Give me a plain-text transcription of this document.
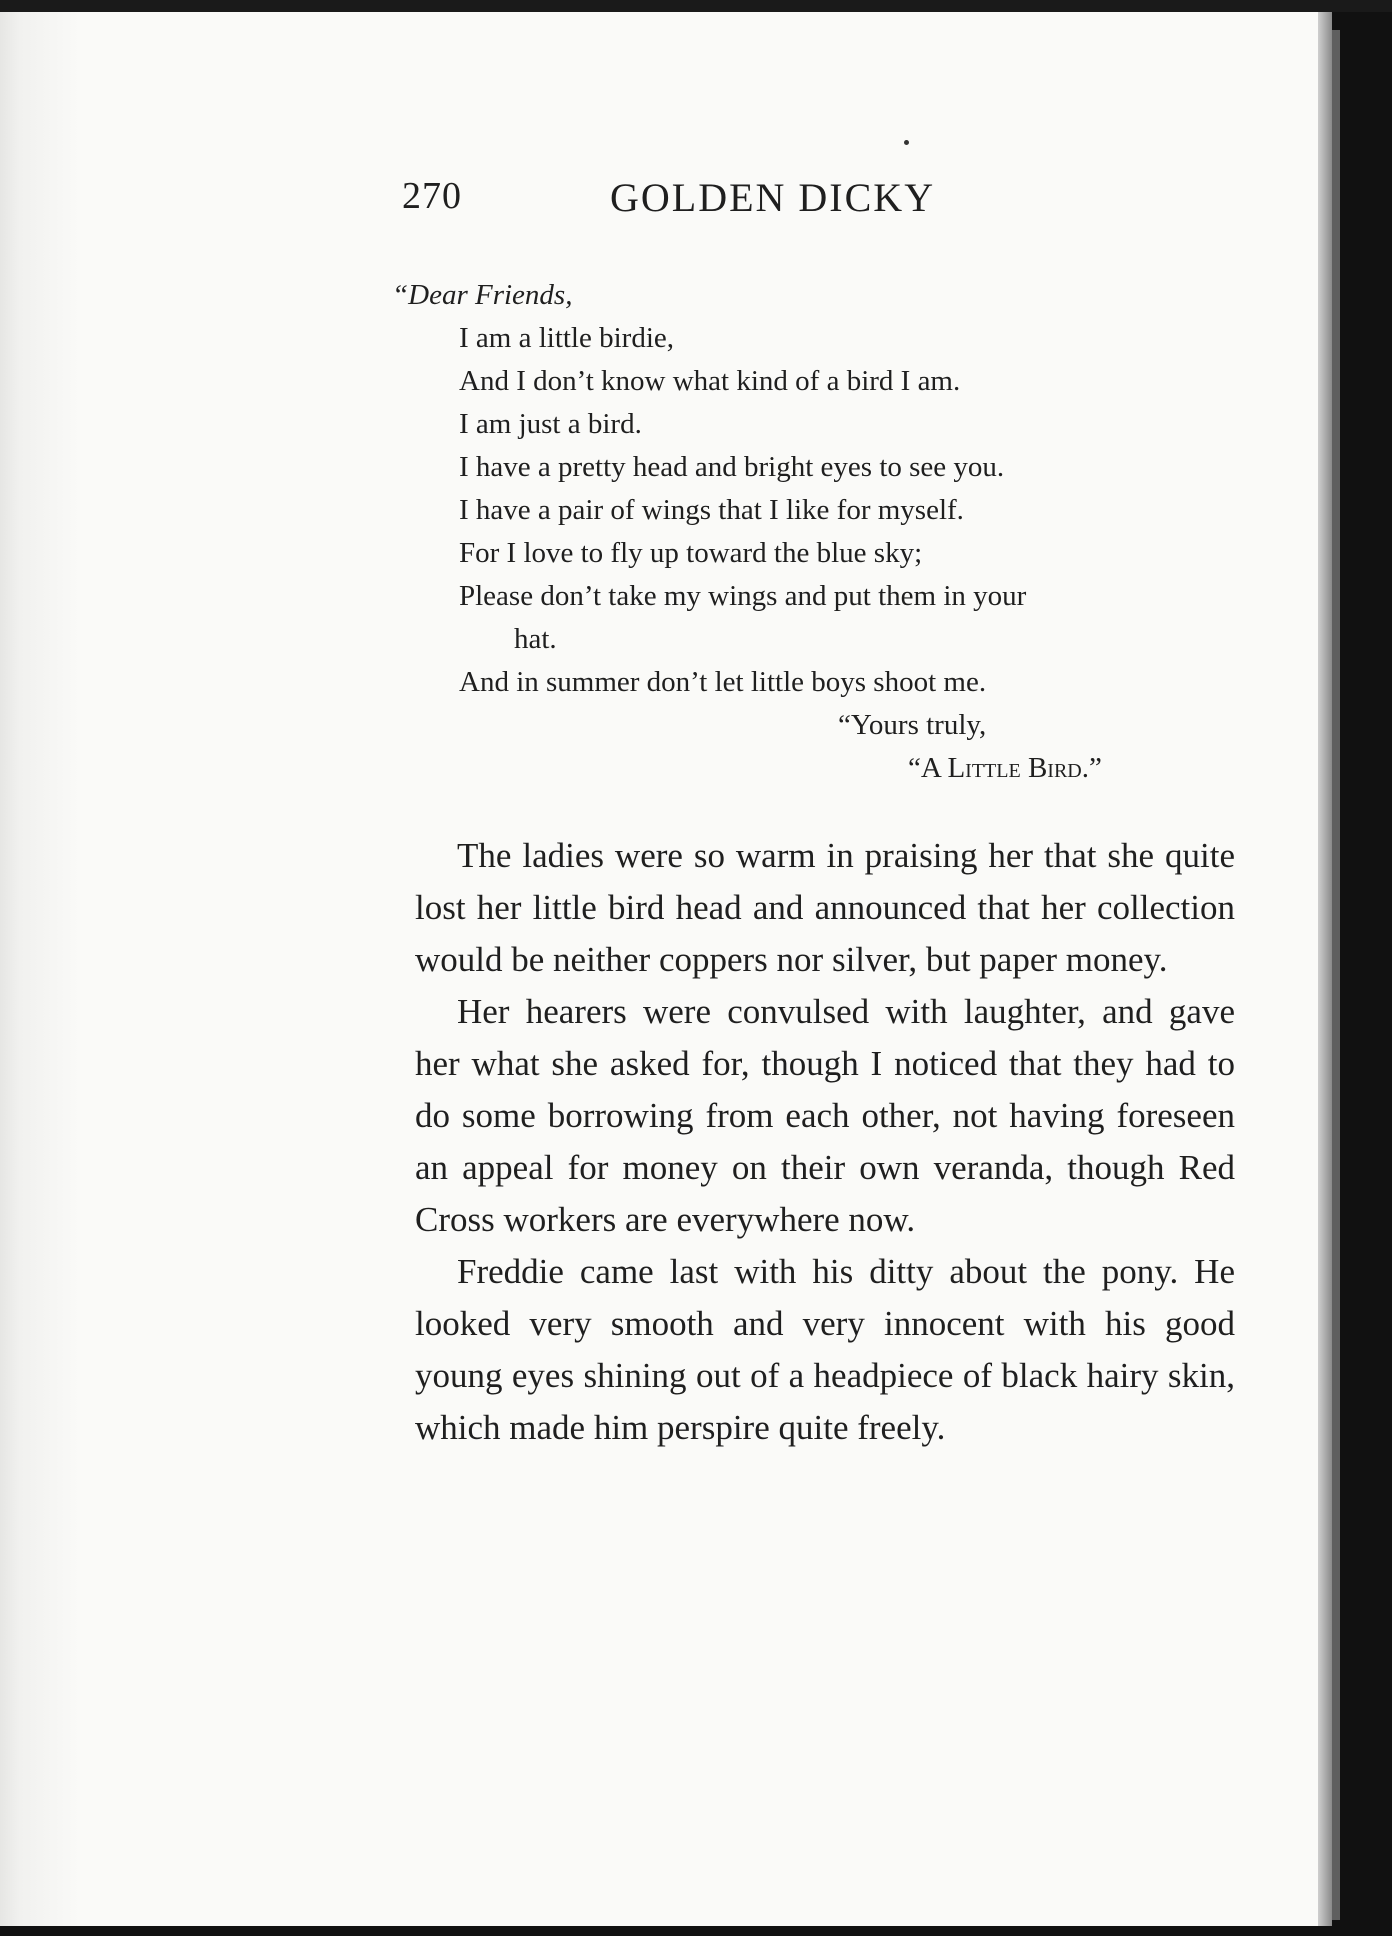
270	GOLDEN DICKY

“Dear Friends,

I am a little birdie,

And I don’t know what kind of a bird I am.

I am just a bird.

I have a pretty head and bright eyes to see you.

I have a pair of wings that I like for myself.

For I love to fly up toward the blue sky;

Please don’t take my wings and put them in your

hat.

And in summer don’t let little boys shoot me.

“Yours truly,

“A Little Bird.”

The ladies were so warm in praising her that she quite lost her little bird head and announced that her collection would be neither coppers nor silver, but paper money.

Her hearers were convulsed with laughter, and gave her what she asked for, though I noticed that they had to do some borrowing from each other, not having foreseen an appeal for money on their own veranda, though Red Cross workers are everywhere now.

Freddie came last with his ditty about the pony. He looked very smooth and very innocent with his good young eyes shining out of a headpiece of black hairy skin, which made him perspire quite freely.
